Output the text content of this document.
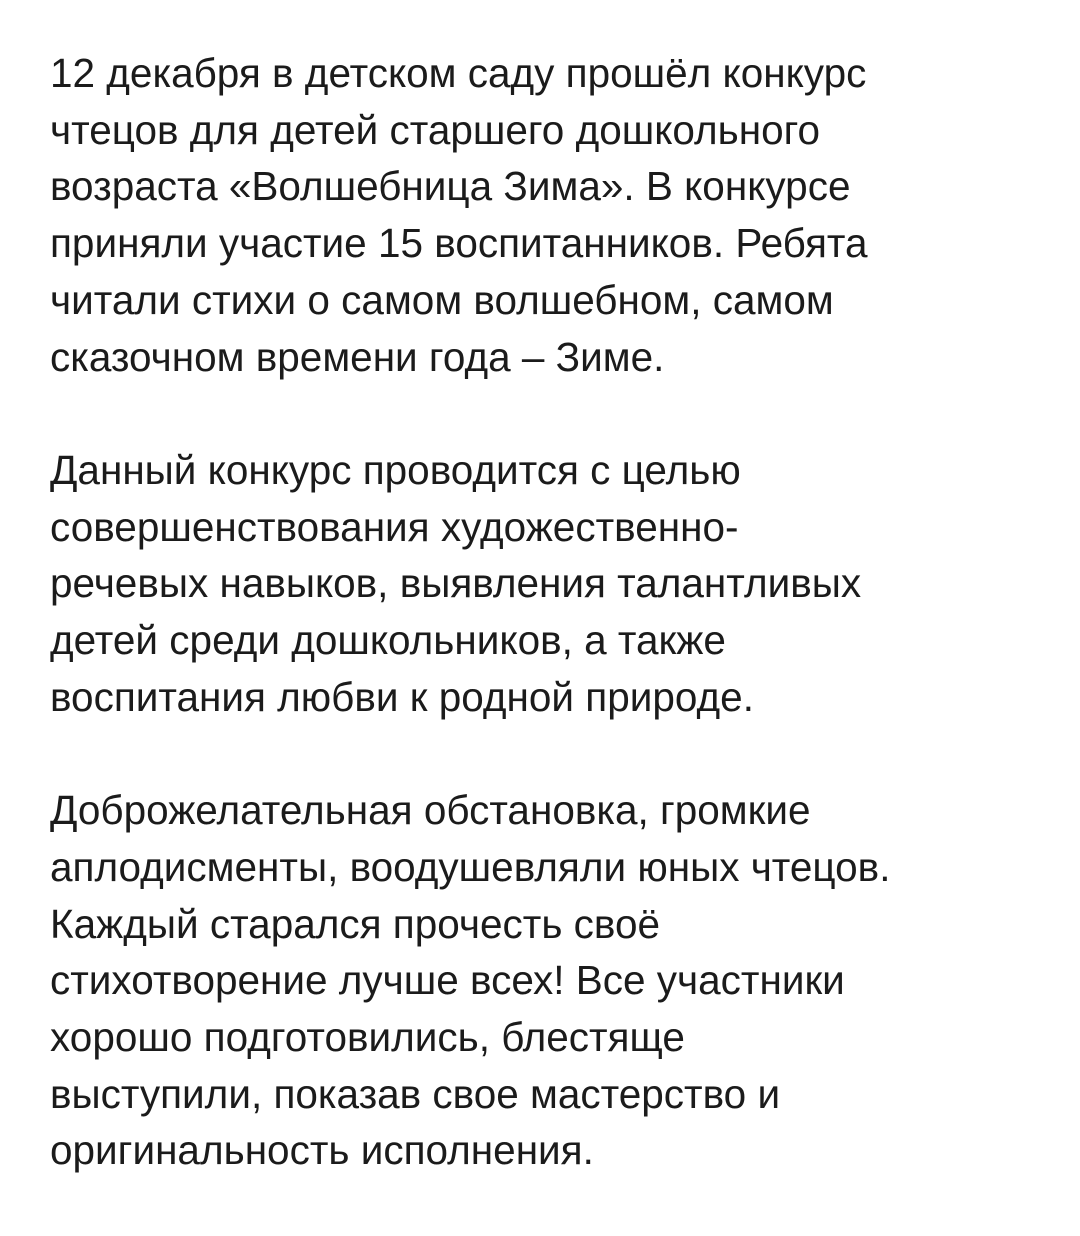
12 декабря в детском саду прошёл конкурс
чтецов для детей старшего дошкольного
возраста «Волшебница Зима». В конкурсе
приняли участие 15 воспитанников. Ребята
читали стихи о самом волшебном, самом
сказочном времени года – Зиме.

Данный конкурс проводится с целью
совершенствования художественно-
речевых навыков, выявления талантливых
детей среди дошкольников, а также
воспитания любви к родной природе.

Доброжелательная обстановка, громкие
аплодисменты, воодушевляли юных чтецов.
Каждый старался прочесть своё
стихотворение лучше всех! Все участники
хорошо подготовились, блестяще
выступили, показав свое мастерство и
оригинальность исполнения.
